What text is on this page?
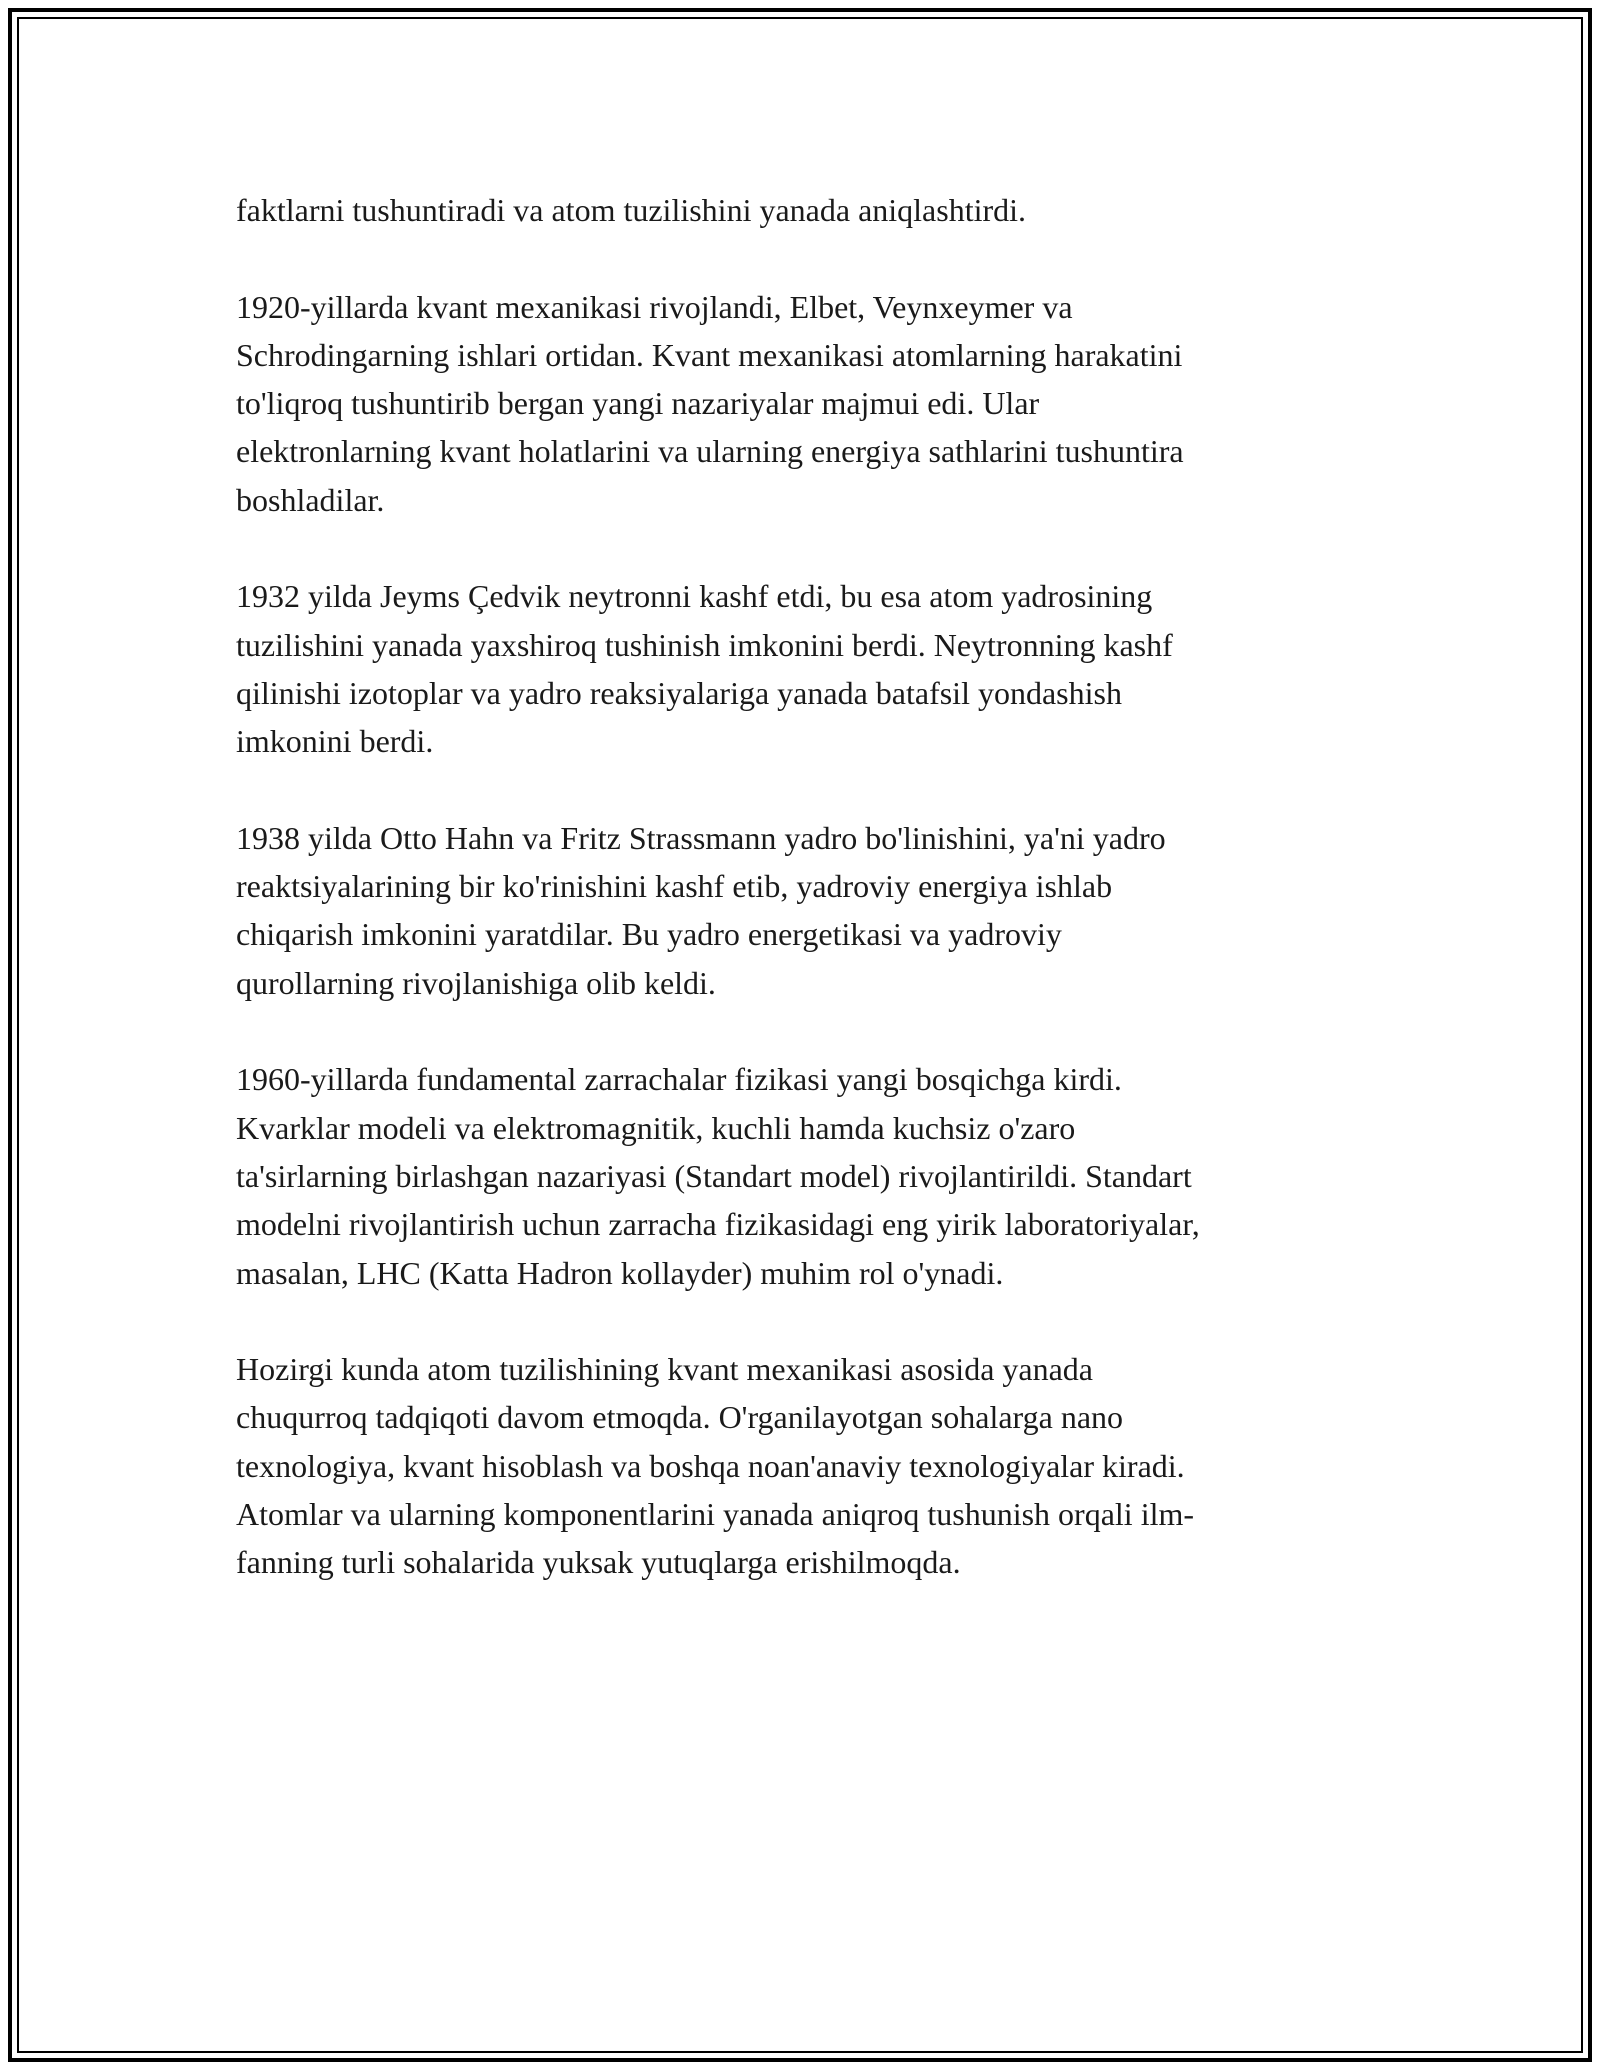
faktlarni tushuntiradi va atom tuzilishini yanada aniqlashtirdi.

1920-yillarda kvant mexanikasi rivojlandi, Elbet, Veynxeymer va
Schrodingarning ishlari ortidan. Kvant mexanikasi atomlarning harakatini
to'liqroq tushuntirib bergan yangi nazariyalar majmui edi. Ular
elektronlarning kvant holatlarini va ularning energiya sathlarini tushuntira
boshladilar.

1932 yilda Jeyms Çedvik neytronni kashf etdi, bu esa atom yadrosining
tuzilishini yanada yaxshiroq tushinish imkonini berdi. Neytronning kashf
qilinishi izotoplar va yadro reaksiyalariga yanada batafsil yondashish
imkonini berdi.

1938 yilda Otto Hahn va Fritz Strassmann yadro bo'linishini, ya'ni yadro
reaktsiyalarining bir ko'rinishini kashf etib, yadroviy energiya ishlab
chiqarish imkonini yaratdilar. Bu yadro energetikasi va yadroviy
qurollarning rivojlanishiga olib keldi.

1960-yillarda fundamental zarrachalar fizikasi yangi bosqichga kirdi.
Kvarklar modeli va elektromagnitik, kuchli hamda kuchsiz o'zaro
ta'sirlarning birlashgan nazariyasi (Standart model) rivojlantirildi. Standart
modelni rivojlantirish uchun zarracha fizikasidagi eng yirik laboratoriyalar,
masalan, LHC (Katta Hadron kollayder) muhim rol o'ynadi.

Hozirgi kunda atom tuzilishining kvant mexanikasi asosida yanada
chuqurroq tadqiqoti davom etmoqda. O'rganilayotgan sohalarga nano
texnologiya, kvant hisoblash va boshqa noan'anaviy texnologiyalar kiradi.
Atomlar va ularning komponentlarini yanada aniqroq tushunish orqali ilm-
fanning turli sohalarida yuksak yutuqlarga erishilmoqda.
